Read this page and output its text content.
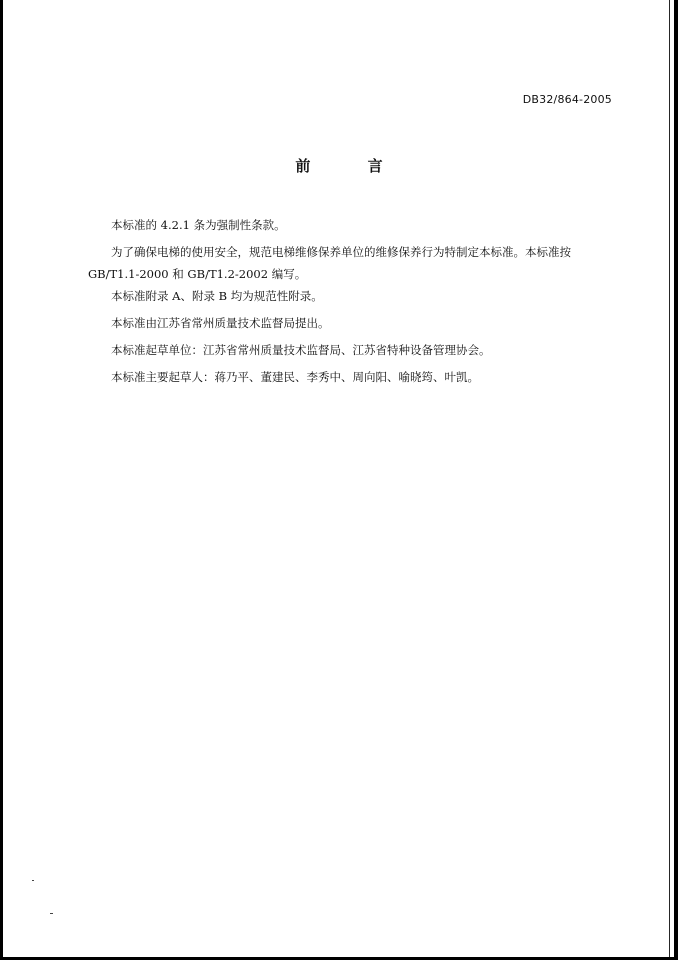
DB32/864-2005
前 言

本标准的 4.2.1 条为强制性条款。

为了确保电梯的使用安全，规范电梯维修保养单位的维修保养行为特制定本标准。本标准按

GB/T1.1-2000 和 GB/T1.2-2002 编写。

本标准附录 A、附录 B 均为规范性附录。

本标准由江苏省常州质量技术监督局提出。

本标准起草单位：江苏省常州质量技术监督局、江苏省特种设备管理协会。

本标准主要起草人：蒋乃平、董建民、李秀中、周向阳、喻晓筠、叶凯。
